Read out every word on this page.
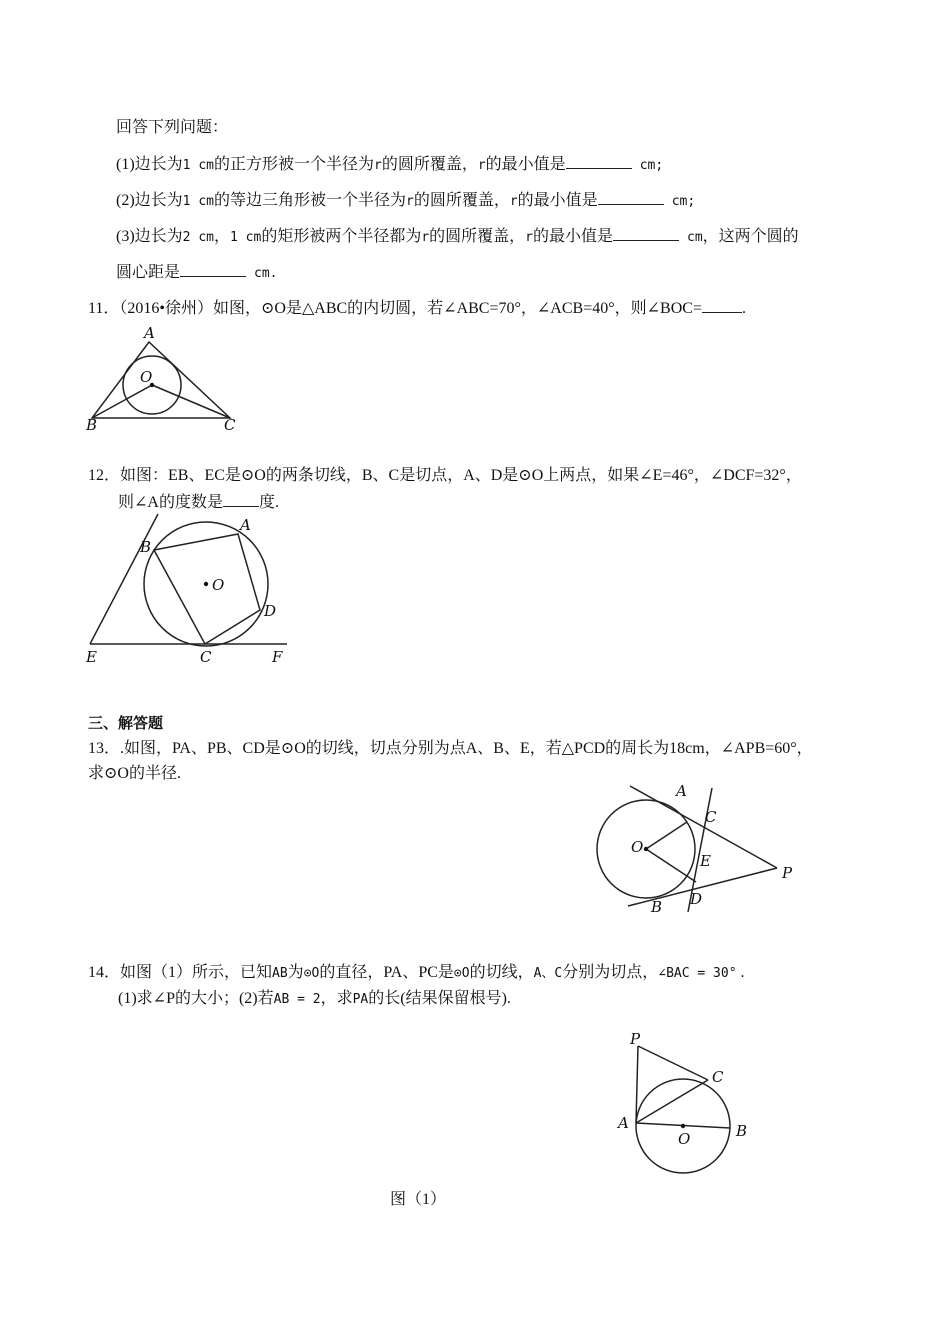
回答下列问题：
(1)边长为1 cm的正方形被一个半径为r的圆所覆盖，r的最小值是	cm;
(2)边长为1 cm的等边三角形被一个半径为r的圆所覆盖，r的最小值是	cm;
(3)边长为2 cm，1 cm的矩形被两个半径都为r的圆所覆盖，r的最小值是	cm，这两个圆的
圆心距是	cm.
11．（2016•徐州）如图，⊙O是△ABC的内切圆，若∠ABC=70°，∠ACB=40°，则∠BOC=	.
A
O
B	C
12．如图：EB、EC是⊙O的两条切线，B、C是切点，A、D是⊙O上两点，如果∠E=46°，∠DCF=32°，
则∠A的度数是 度.
O
A
B
D
E	C	F
三、解答题
13．.如图，PA、PB、CD是⊙O的切线，切点分别为点A、B、E，若△PCD的周长为18cm，∠APB=60°，
求⊙O的半径.
A
C
O
E
P
B D
14．如图（1）所示，已知AB为⊙O的直径，PA、PC是⊙O的切线，A、C分别为切点，∠BAC = 30° .
(1)求∠P的大小；(2)若AB = 2，求PA的长(结果保留根号).
P
C
A
O	B
图（1）
